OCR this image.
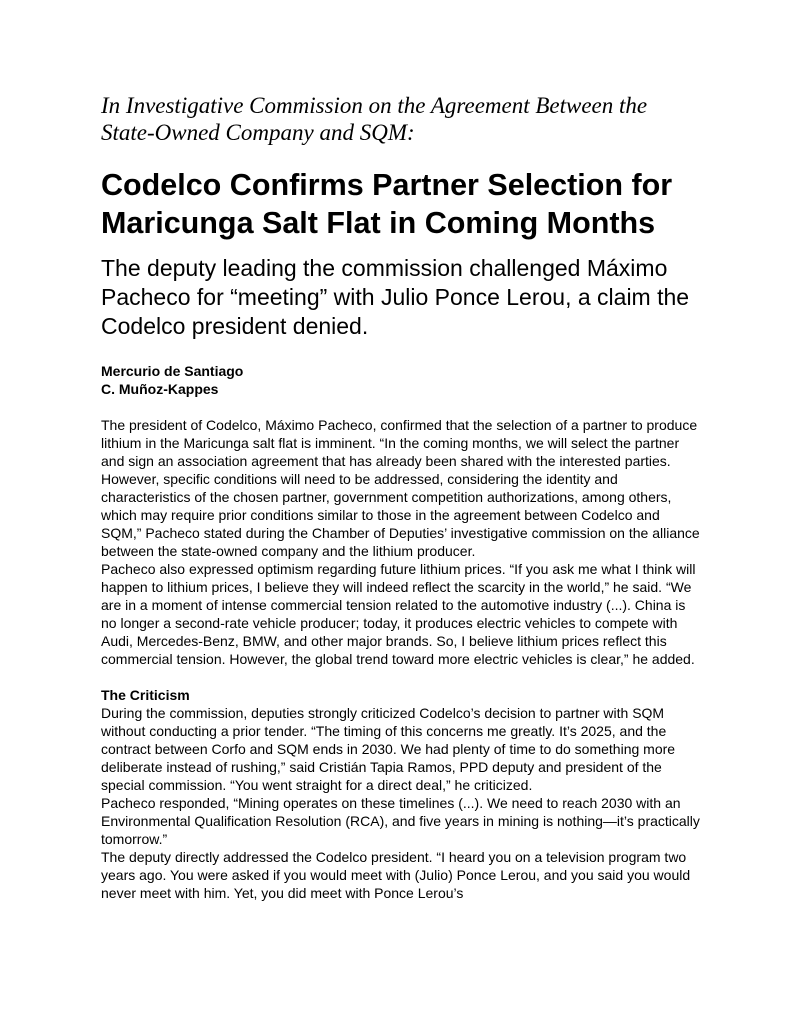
In Investigative Commission on the Agreement Between the State-Owned Company and SQM:
Codelco Confirms Partner Selection for Maricunga Salt Flat in Coming Months
The deputy leading the commission challenged Máximo Pacheco for “meeting” with Julio Ponce Lerou, a claim the Codelco president denied.
Mercurio de Santiago
C. Muñoz-Kappes

The president of Codelco, Máximo Pacheco, confirmed that the selection of a partner to produce lithium in the Maricunga salt flat is imminent. “In the coming months, we will select the partner and sign an association agreement that has already been shared with the interested parties. However, specific conditions will need to be addressed, considering the identity and characteristics of the chosen partner, government competition authorizations, among others, which may require prior conditions similar to those in the agreement between Codelco and SQM,” Pacheco stated during the Chamber of Deputies’ investigative commission on the alliance between the state-owned company and the lithium producer.

Pacheco also expressed optimism regarding future lithium prices. “If you ask me what I think will happen to lithium prices, I believe they will indeed reflect the scarcity in the world,” he said. “We are in a moment of intense commercial tension related to the automotive industry (...). China is no longer a second-rate vehicle producer; today, it produces electric vehicles to compete with Audi, Mercedes-Benz, BMW, and other major brands. So, I believe lithium prices reflect this commercial tension. However, the global trend toward more electric vehicles is clear,” he added.

The Criticism

During the commission, deputies strongly criticized Codelco’s decision to partner with SQM without conducting a prior tender. “The timing of this concerns me greatly. It’s 2025, and the contract between Corfo and SQM ends in 2030. We had plenty of time to do something more deliberate instead of rushing,” said Cristián Tapia Ramos, PPD deputy and president of the special commission. “You went straight for a direct deal,” he criticized.

Pacheco responded, “Mining operates on these timelines (...). We need to reach 2030 with an Environmental Qualification Resolution (RCA), and five years in mining is nothing—it’s practically tomorrow.”

The deputy directly addressed the Codelco president. “I heard you on a television program two years ago. You were asked if you would meet with (Julio) Ponce Lerou, and you said you would never meet with him. Yet, you did meet with Ponce Lerou’s
